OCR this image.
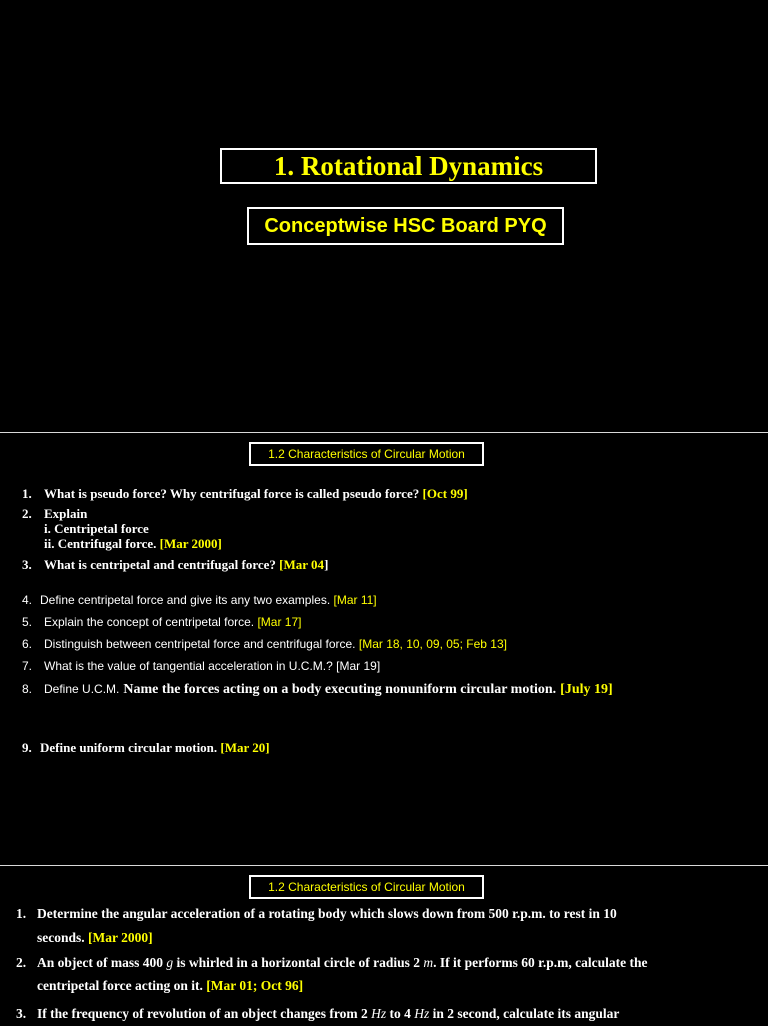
1. Rotational Dynamics
Conceptwise HSC Board PYQ
1.2 Characteristics of Circular Motion
1. What is pseudo force? Why centrifugal force is called pseudo force? [Oct 99]
2. Explain
i. Centripetal force
ii. Centrifugal force. [Mar 2000]
3. What is centripetal and centrifugal force? [Mar 04]
4. Define centripetal force and give its any two examples. [Mar 11]
5. Explain the concept of centripetal force. [Mar 17]
6. Distinguish between centripetal force and centrifugal force. [Mar 18, 10, 09, 05; Feb 13]
7. What is the value of tangential acceleration in U.C.M.? [Mar 19]
8. Define U.C.M. Name the forces acting on a body executing nonuniform circular motion. [July 19]
9. Define uniform circular motion. [Mar 20]
1.2 Characteristics of Circular Motion
1. Determine the angular acceleration of a rotating body which slows down from 500 r.p.m. to rest in 10
seconds. [Mar 2000]
2. An object of mass 400 g is whirled in a horizontal circle of radius 2 m. If it performs 60 r.p.m, calculate the
centripetal force acting on it. [Mar 01; Oct 96]
3. If the frequency of revolution of an object changes from 2 Hz to 4 Hz in 2 second, calculate its angular
